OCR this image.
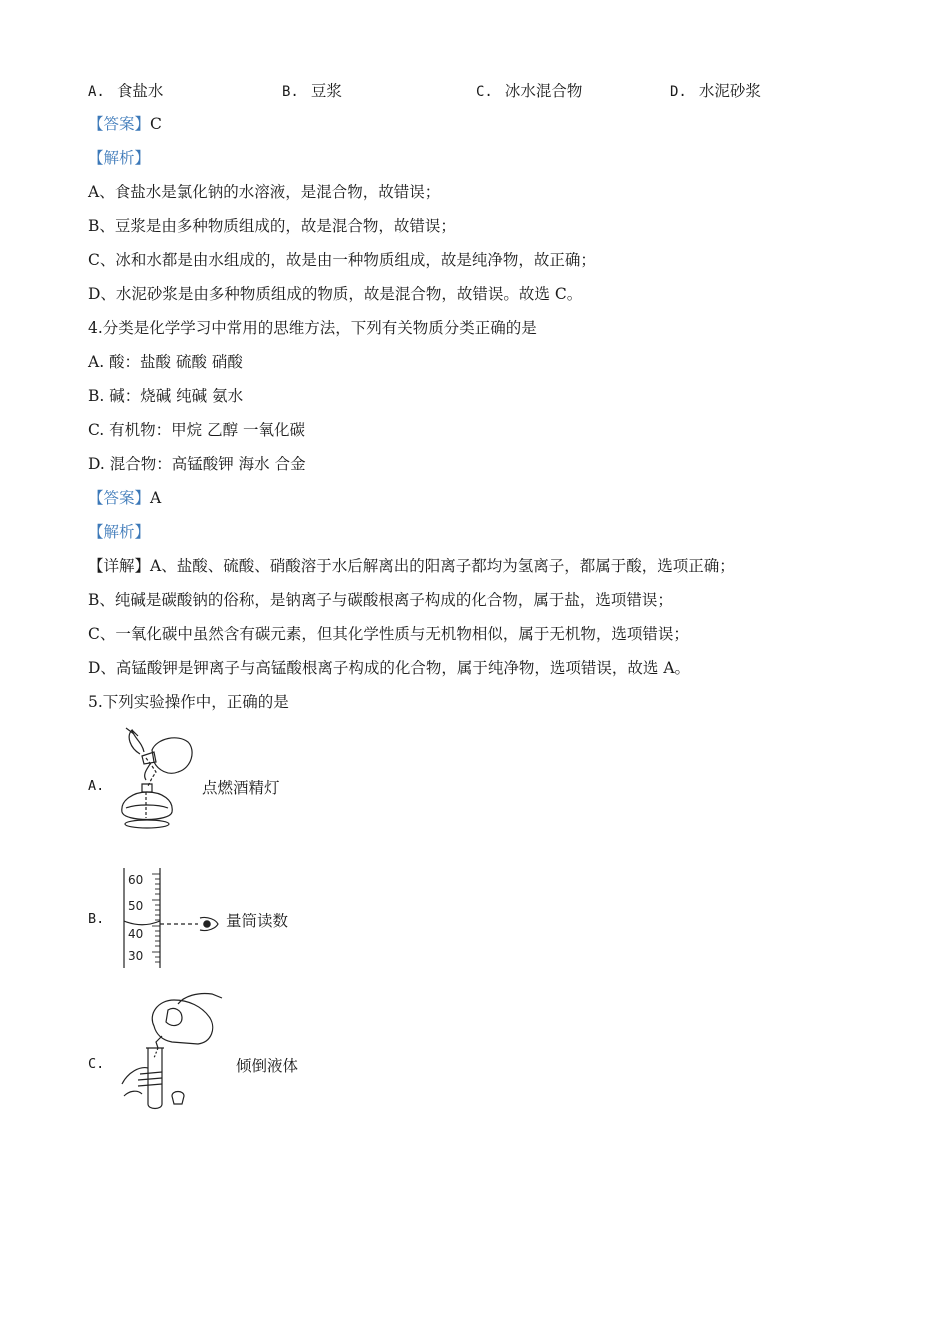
A. 食盐水	B. 豆浆	C. 冰水混合物	D. 水泥砂浆
【答案】C
【解析】
A、食盐水是氯化钠的水溶液，是混合物，故错误；
B、豆浆是由多种物质组成的，故是混合物，故错误；
C、冰和水都是由水组成的，故是由一种物质组成，故是纯净物，故正确；
D、水泥砂浆是由多种物质组成的物质，故是混合物，故错误。故选 C。
4.分类是化学学习中常用的思维方法，下列有关物质分类正确的是
A. 酸：盐酸 硫酸 硝酸
B. 碱：烧碱 纯碱 氨水
C. 有机物：甲烷 乙醇 一氧化碳
D. 混合物：高锰酸钾 海水 合金
【答案】A
【解析】
【详解】A、盐酸、硫酸、硝酸溶于水后解离出的阳离子都均为氢离子，都属于酸，选项正确；
B、纯碱是碳酸钠的俗称，是钠离子与碳酸根离子构成的化合物，属于盐，选项错误；
C、一氧化碳中虽然含有碳元素，但其化学性质与无机物相似，属于无机物，选项错误；
D、高锰酸钾是钾离子与高锰酸根离子构成的化合物，属于纯净物，选项错误，故选 A。
5.下列实验操作中，正确的是
A.	点燃酒精灯
B.
60
50
40
30
量筒读数
C.	倾倒液体
